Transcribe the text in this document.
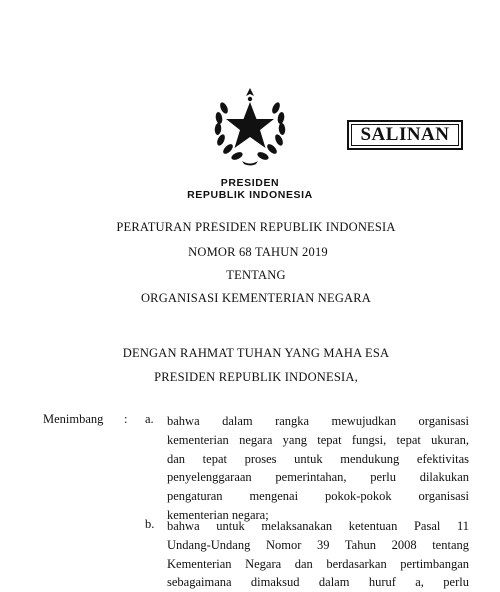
SALINAN
PRESIDEN
REPUBLIK INDONESIA
PERATURAN PRESIDEN REPUBLIK INDONESIA
NOMOR 68 TAHUN 2019
TENTANG
ORGANISASI KEMENTERIAN NEGARA
DENGAN RAHMAT TUHAN YANG MAHA ESA
PRESIDEN REPUBLIK INDONESIA,
Menimbang : a. bahwa dalam rangka mewujudkan organisasi
kementerian negara yang tepat fungsi, tepat ukuran,
dan tepat proses untuk mendukung efektivitas
penyelenggaraan pemerintahan, perlu dilakukan
pengaturan mengenai pokok-pokok organisasi
kementerian negara;
b. bahwa untuk melaksanakan ketentuan Pasal 11
Undang-Undang Nomor 39 Tahun 2008 tentang
Kementerian Negara dan berdasarkan pertimbangan
sebagaimana dimaksud dalam huruf a, perlu
